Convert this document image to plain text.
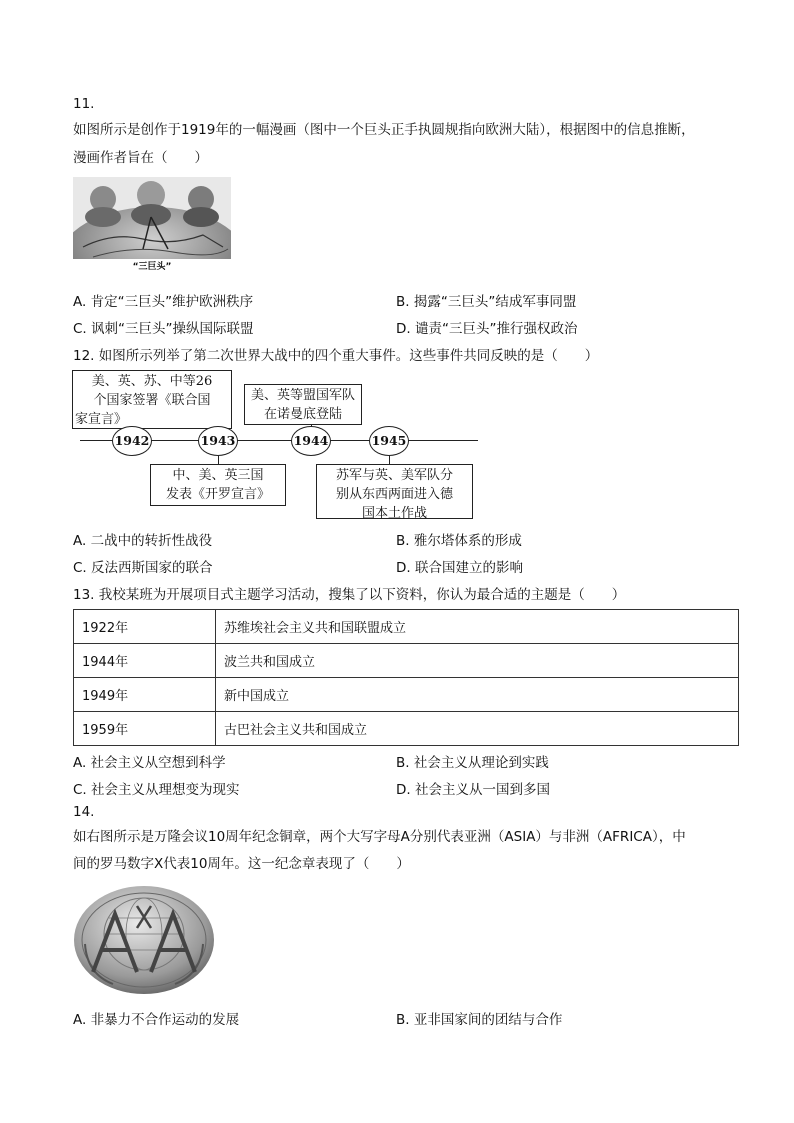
11.
如图所示是创作于1919年的一幅漫画（图中一个巨头正手执圆规指向欧洲大陆），根据图中的信息推断，
漫画作者旨在（　　）
“三巨头”
A. 肯定“三巨头”维护欧洲秩序	B. 揭露“三巨头”结成军事同盟
C. 讽刺“三巨头”操纵国际联盟	D. 谴责“三巨头”推行强权政治
12. 如图所示列举了第二次世界大战中的四个重大事件。这些事件共同反映的是（　　）
美、英、苏、中等26
个国家签署《联合国
家宣言》
美、英等盟国军队
在诺曼底登陆
中、美、英三国
发表《开罗宣言》
苏军与英、美军队分
别从东西两面进入德
国本土作战
1942	1943	1944	1945
A. 二战中的转折性战役	B. 雅尔塔体系的形成
C. 反法西斯国家的联合	D. 联合国建立的影响
13. 我校某班为开展项目式主题学习活动，搜集了以下资料，你认为最合适的主题是（　　）
1922年	苏维埃社会主义共和国联盟成立
1944年	波兰共和国成立
1949年	新中国成立
1959年	古巴社会主义共和国成立
A. 社会主义从空想到科学	B. 社会主义从理论到实践
C. 社会主义从理想变为现实	D. 社会主义从一国到多国
14.
如右图所示是万隆会议10周年纪念铜章，两个大写字母A分别代表亚洲（ASIA）与非洲（AFRICA），中
间的罗马数字X代表10周年。这一纪念章表现了（　　）
A. 非暴力不合作运动的发展	B. 亚非国家间的团结与合作
